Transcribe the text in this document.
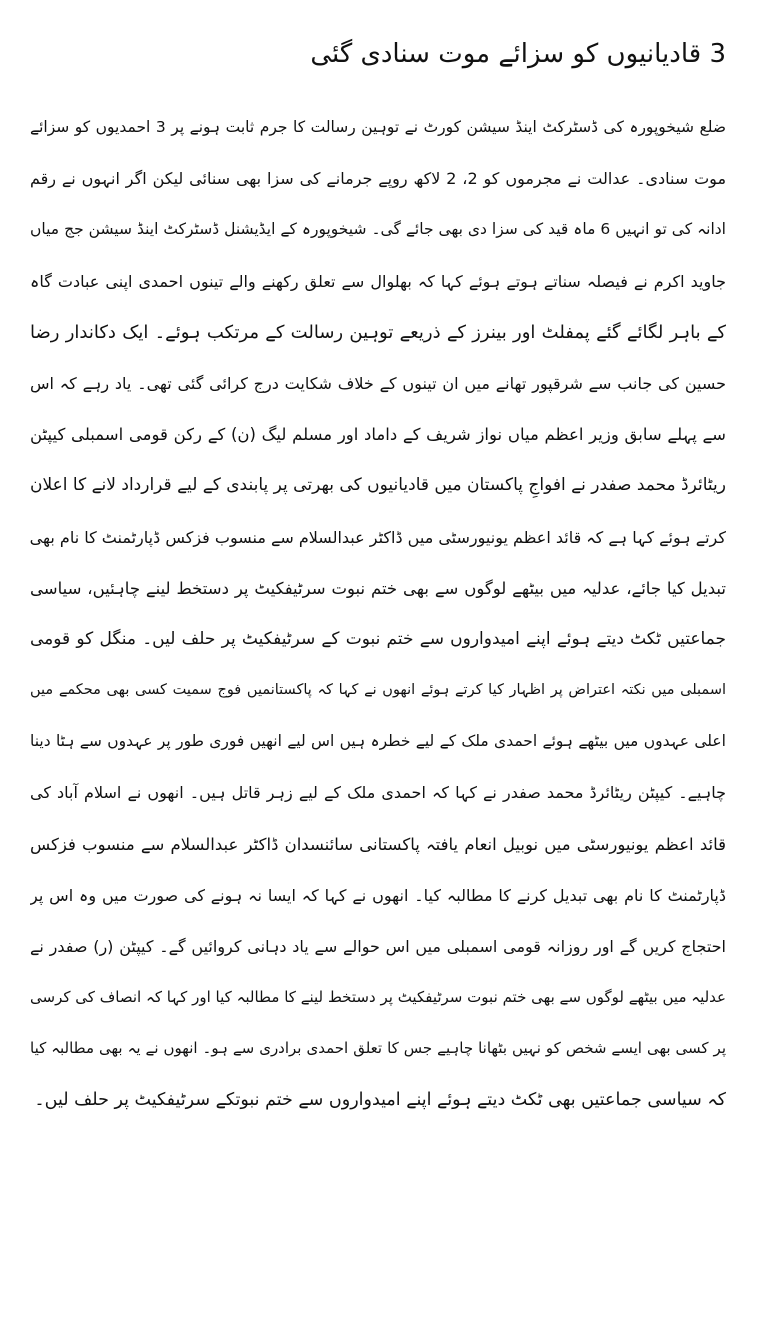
3 قادیانیوں کو سزائے موت سنادی گئی
ضلع شیخوپورہ کی ڈسٹرکٹ اینڈ سیشن کورٹ نے توہین رسالت کا جرم ثابت ہونے پر 3 احمدیوں کو سزائے
موت سنادی۔ عدالت نے مجرموں کو 2، 2 لاکھ روپے جرمانے کی سزا بھی سنائی لیکن اگر انہوں نے رقم
ادانہ کی تو انہیں 6 ماہ قید کی سزا دی بھی جائے گی۔ شیخوپورہ کے ایڈیشنل ڈسٹرکٹ اینڈ سیشن جج میاں
جاوید اکرم نے فیصلہ سناتے ہوتے ہوئے کہا کہ بھلوال سے تعلق رکھنے والے تینوں احمدی اپنی عبادت گاہ
کے باہر لگائے گئے پمفلٹ اور بینرز کے ذریعے توہین رسالت کے مرتکب ہوئے۔ ایک دکاندار رضا
حسین کی جانب سے شرقپور تھانے میں ان تینوں کے خلاف شکایت درج کرائی گئی تھی۔ یاد رہے کہ اس
سے پہلے سابق وزیر اعظم میاں نواز شریف کے داماد اور مسلم لیگ (ن) کے رکن قومی اسمبلی کیپٹن
ریٹائرڈ محمد صفدر نے افواجِ پاکستان میں قادیانیوں کی بھرتی پر پابندی کے لیے قرارداد لانے کا اعلان
کرتے ہوئے کہا ہے کہ قائد اعظم یونیورسٹی میں ڈاکٹر عبدالسلام سے منسوب فزکس ڈپارٹمنٹ کا نام بھی
تبدیل کیا جائے، عدلیہ میں بیٹھے لوگوں سے بھی ختم نبوت سرٹیفکیٹ پر دستخط لینے چاہئیں، سیاسی
جماعتیں ٹکٹ دیتے ہوئے اپنے امیدواروں سے ختم نبوت کے سرٹیفکیٹ پر حلف لیں۔ منگل کو قومی
اسمبلی میں نکتہ اعتراض پر اظہار کیا کرتے ہوئے انھوں نے کہا کہ پاکستانمیں فوج سمیت کسی بھی محکمے میں
اعلی عہدوں میں بیٹھے ہوئے احمدی ملک کے لیے خطرہ ہیں اس لیے انھیں فوری طور پر عہدوں سے ہٹا دینا
چاہیے۔ کیپٹن ریٹائرڈ محمد صفدر نے کہا کہ احمدی ملک کے لیے زہر قاتل ہیں۔ انھوں نے اسلام آباد کی
قائد اعظم یونیورسٹی میں نوبیل انعام یافتہ پاکستانی سائنسدان ڈاکٹر عبدالسلام سے منسوب فزکس
ڈپارٹمنٹ کا نام بھی تبدیل کرنے کا مطالبہ کیا۔ انھوں نے کہا کہ ایسا نہ ہونے کی صورت میں وہ اس پر
احتجاج کریں گے اور روزانہ قومی اسمبلی میں اس حوالے سے یاد دہانی کروائیں گے۔ کیپٹن (ر) صفدر نے
عدلیہ میں بیٹھے لوگوں سے بھی ختم نبوت سرٹیفکیٹ پر دستخط لینے کا مطالبہ کیا اور کہا کہ انصاف کی کرسی
پر کسی بھی ایسے شخص کو نہیں بٹھانا چاہیے جس کا تعلق احمدی برادری سے ہو۔ انھوں نے یہ بھی مطالبہ کیا
کہ سیاسی جماعتیں بھی ٹکٹ دیتے ہوئے اپنے امیدواروں سے ختم نبوتکے سرٹیفکیٹ پر حلف لیں۔
